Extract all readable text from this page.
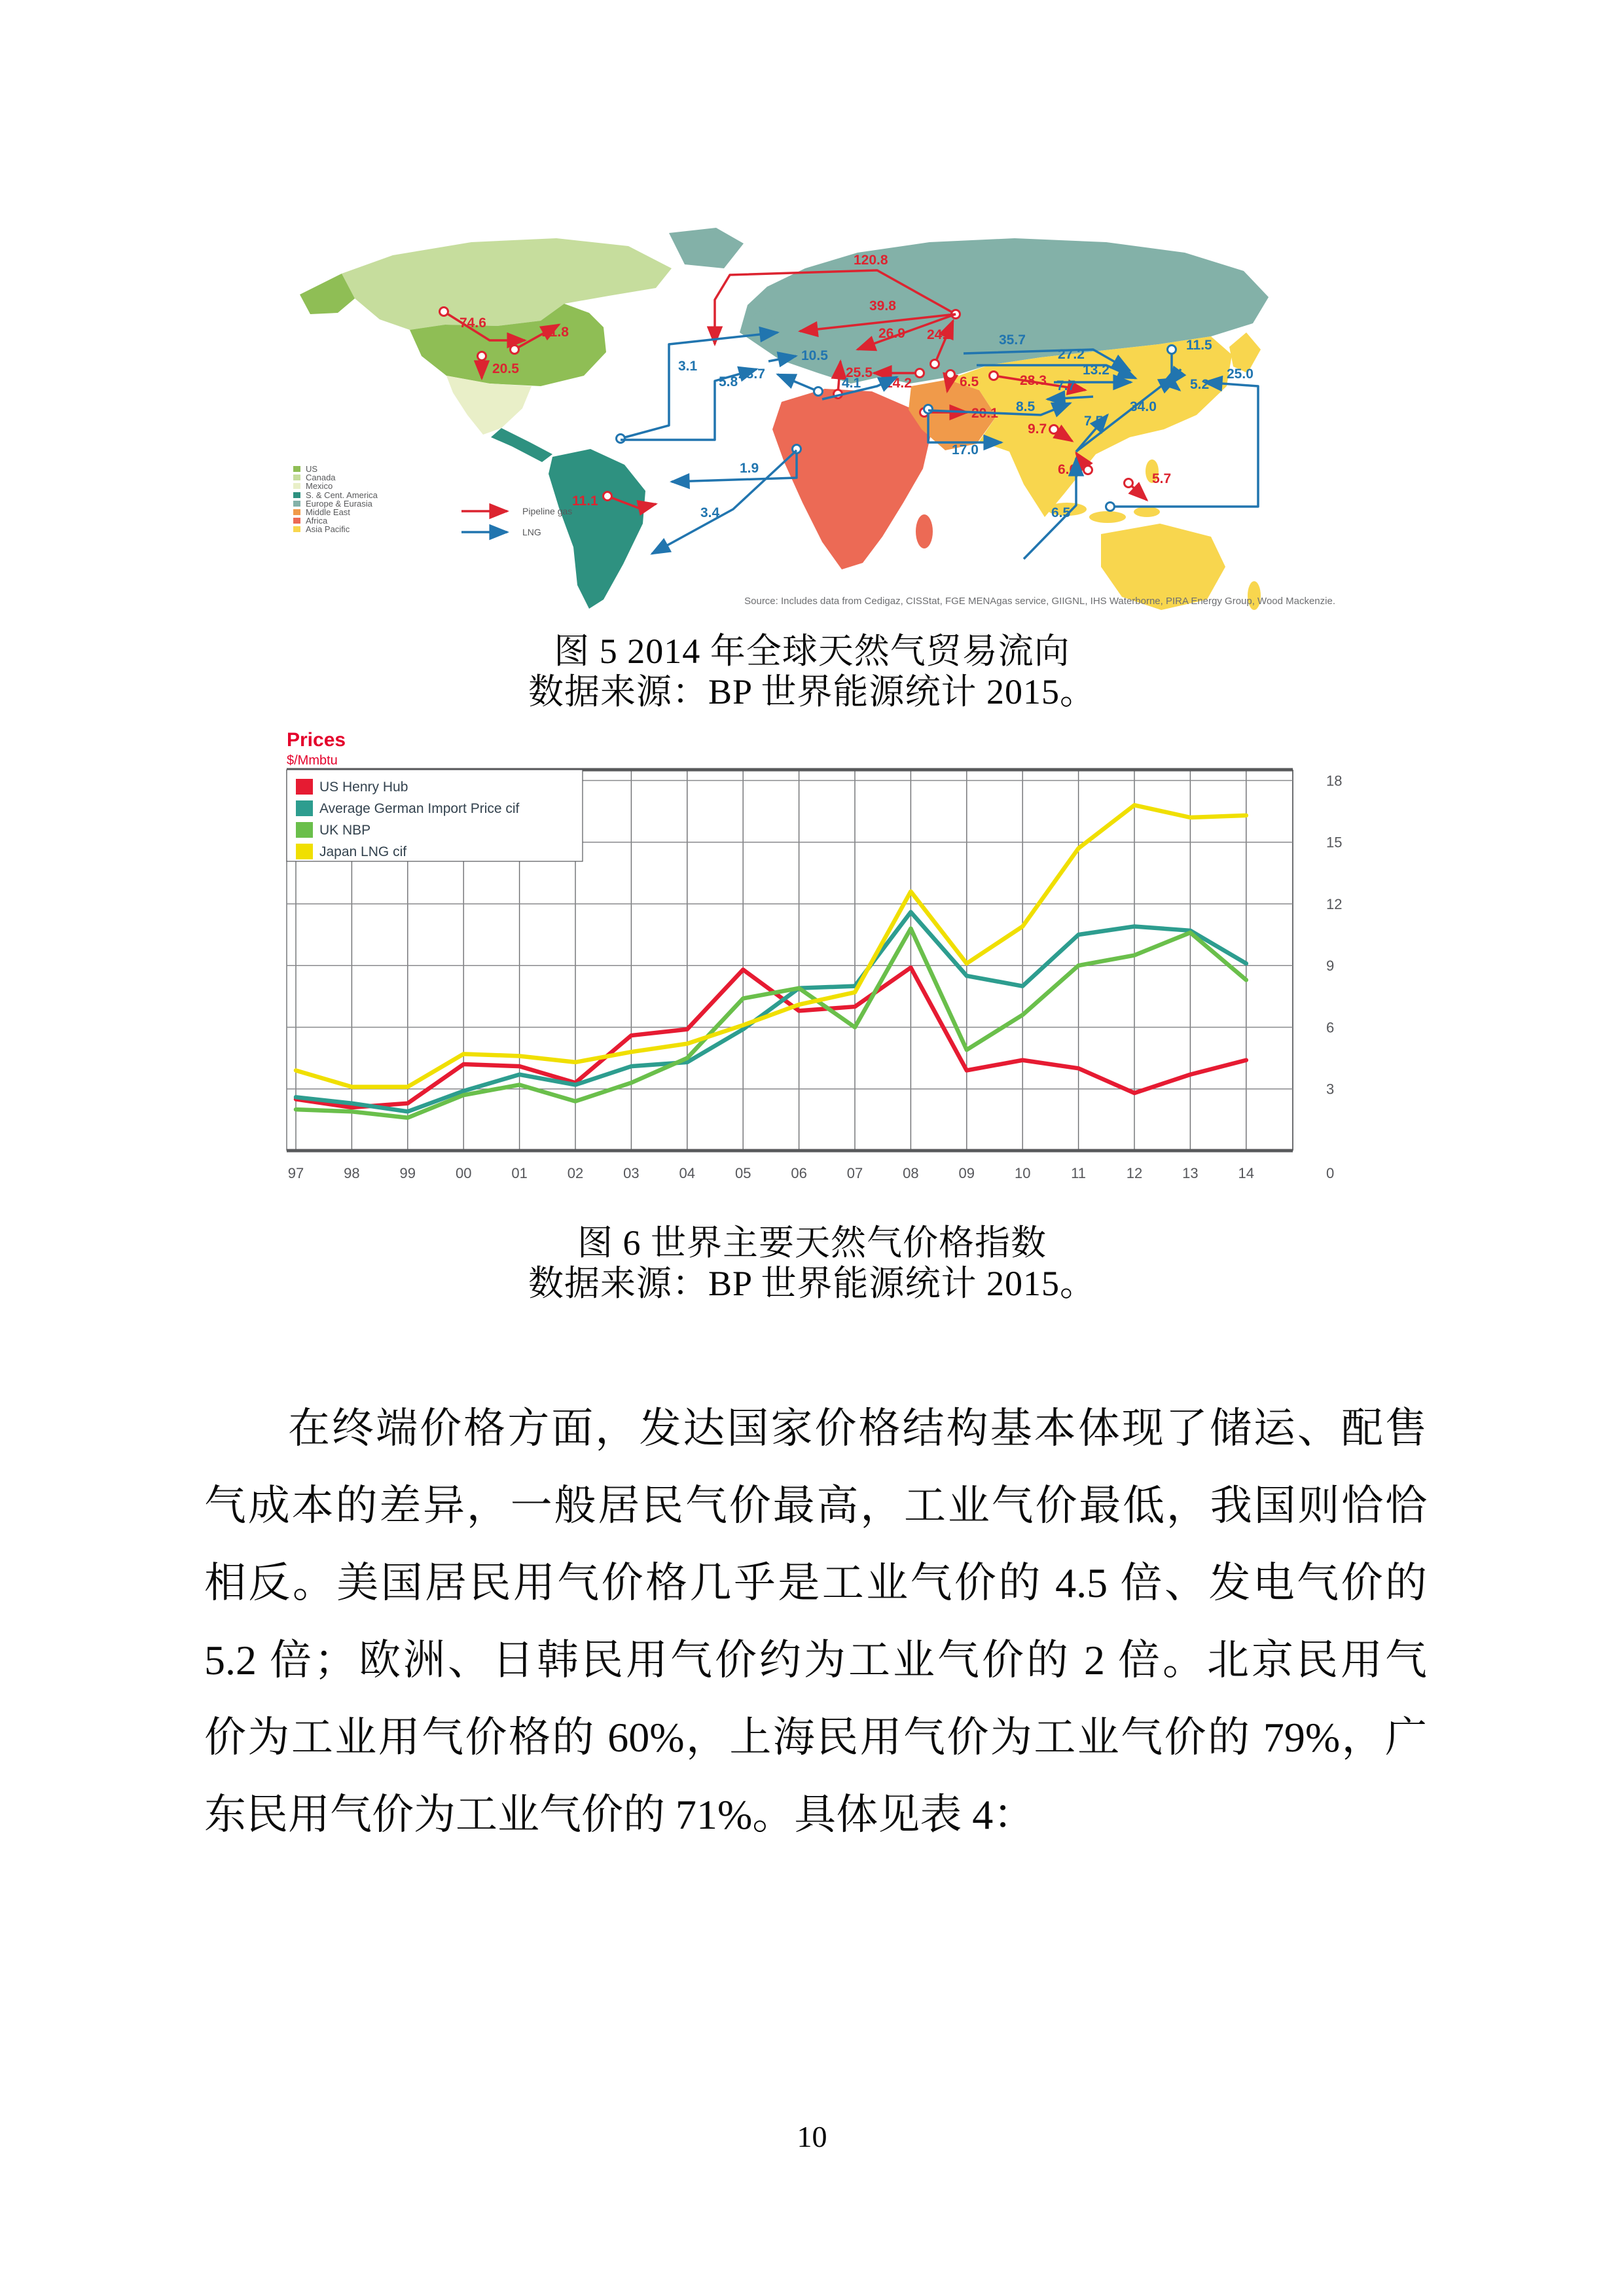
74.6
21.8
20.5
11.1
120.8
39.8
26.9 24.2
25.5
14.2	6.5	28.3
20.1
9.7
6.6
5.7
3.1
5.8
23.7
10.5
4.1
1.9
3.4
17.0
8.5
7.7
7.5
34.0
13.2
27.2
35.7	11.5
5.2
25.0
6.5
Pipeline gas
LNG
US
Canada
Mexico
S. & Cent. America
Europe & Eurasia
Middle East
Africa
Asia Pacific
Source: Includes data from Cedigaz, CISStat, FGE MENAgas service, GIIGNL, IHS Waterborne, PIRA Energy Group, Wood Mackenzie.
图 5 2014 年全球天然气贸易流向
数据来源：BP 世界能源统计 2015。
Prices
$/Mmbtu
US Henry Hub
Average German Import Price cif
UK NBP
Japan LNG cif
3
6
9
12
15
18
0
97	98	99	00	01	02	03	04	05	06	07	08	09	10	11	12	13	14
图 6 世界主要天然气价格指数
数据来源：BP 世界能源统计 2015。
在终端价格方面，发达国家价格结构基本体现了储运、配售
气成本的差异，一般居民气价最高，工业气价最低，我国则恰恰
相反。美国居民用气价格几乎是工业气价的 4.5 倍、发电气价的
5.2 倍；欧洲、日韩民用气价约为工业气价的 2 倍。北京民用气
价为工业用气价格的 60%，上海民用气价为工业气价的 79%，广
东民用气价为工业气价的 71%。具体见表 4：
10
